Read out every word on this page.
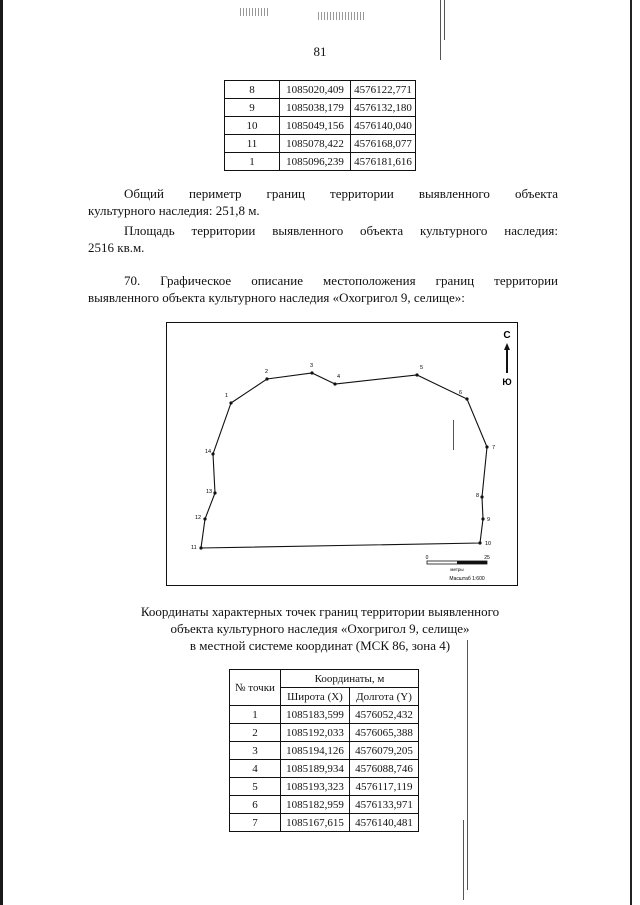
81
8	1085020,409	4576122,771
9	1085038,179	4576132,180
10	1085049,156	4576140,040
11	1085078,422	4576168,077
1	1085096,239	4576181,616
Общий периметр границ территории выявленного объекта
культурного наследия: 251,8 м.
Площадь территории выявленного объекта культурного наследия:
2516 кв.м.
70. Графическое описание местоположения границ территории
выявленного объекта культурного наследия «Охогригол 9, селище»:
1
2
3
4
5
6
7
8
9
10
11
12
13
14
С
Ю
0	25
метры
Масштаб 1:600
Координаты характерных точек границ территории выявленного
объекта культурного наследия «Охогригол 9, селище»
в местной системе координат (МСК 86, зона 4)
№ точки	Координаты, м	
	Широта (X)	Долгота (Y)
1	1085183,599	4576052,432
2	1085192,033	4576065,388
3	1085194,126	4576079,205
4	1085189,934	4576088,746
5	1085193,323	4576117,119
6	1085182,959	4576133,971
7	1085167,615	4576140,481
